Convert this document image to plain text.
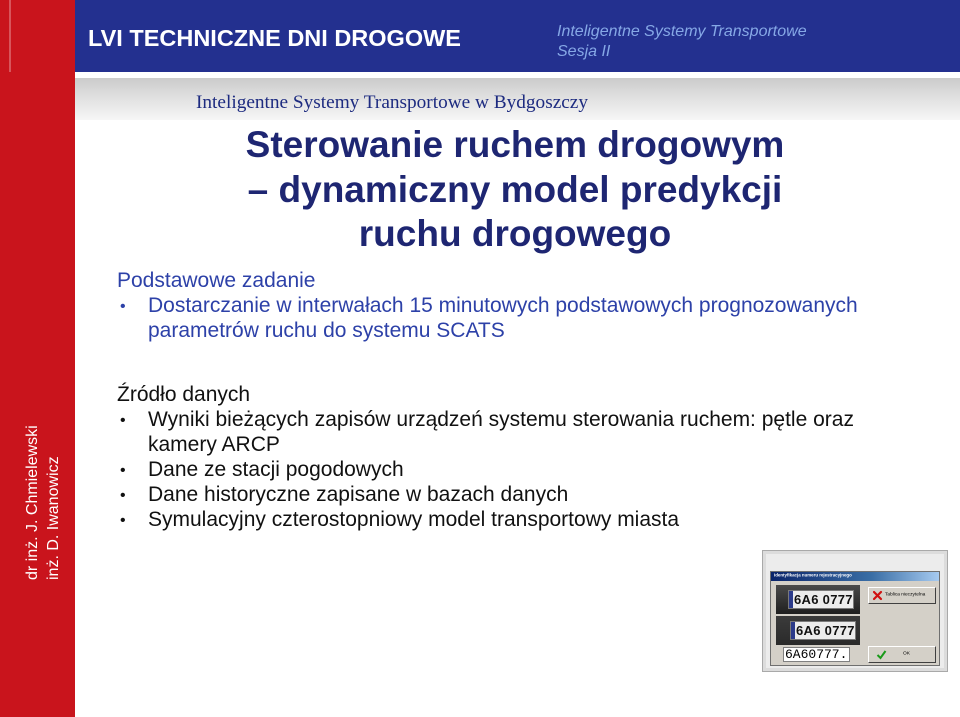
dr inż. J. Chmielewski inż. D. Iwanowicz
LVI TECHNICZNE DNI DROGOWE	Inteligentne Systemy Transportowe
Sesja II
Inteligentne Systemy Transportowe w Bydgoszczy
Sterowanie ruchem drogowym
– dynamiczny model predykcji
ruchu drogowego
Podstawowe zadanie
• Dostarczanie w interwałach 15 minutowych podstawowych prognozowanych
parametrów ruchu do systemu SCATS
Źródło danych
• Wyniki bieżących zapisów urządzeń systemu sterowania ruchem: pętle oraz
kamery ARCP
• Dane ze stacji pogodowych
• Dane historyczne zapisane w bazach danych
• Symulacyjny czterostopniowy model transportowy miasta
Identyfikacja numeru rejestracyjnego
6A6 0777
6A6 0777
6A60777.
Tablica nieczytelna
OK
